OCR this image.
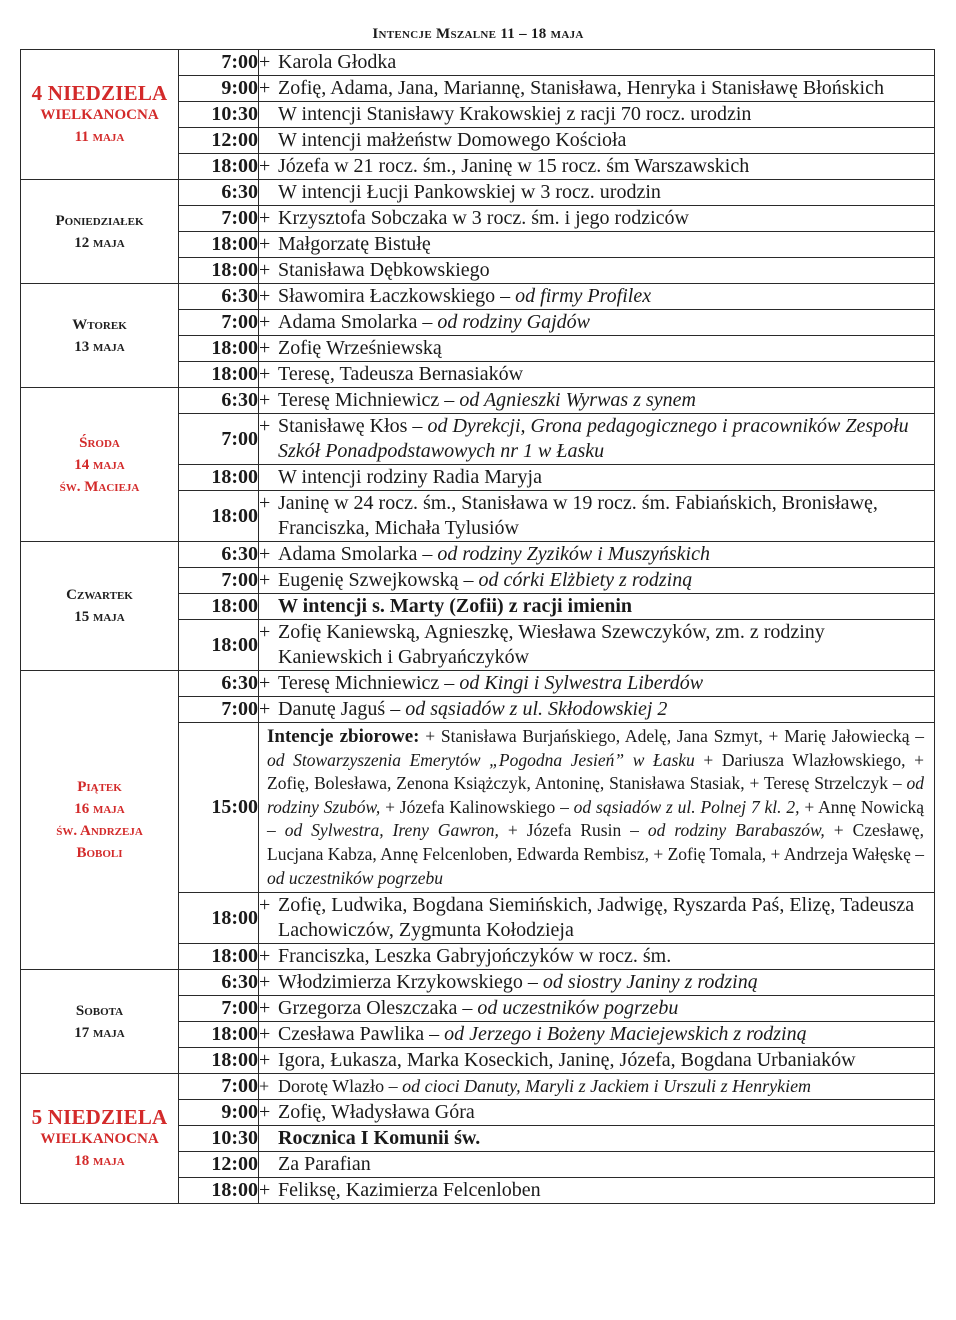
Intencje Mszalne 11 – 18 maja
4 NIEDZIELA
WIELKANOCNA
11 maja	7:00	+ Karola Głodka

	9:00	+ Zofię, Adama, Jana, Mariannę, Stanisława, Henryka i Stanisławę Błońskich

	10:30	W intencji Stanisławy Krakowskiej z racji 70 rocz. urodzin

	12:00	W intencji małżeństw Domowego Kościoła

	18:00	+ Józefa w 21 rocz. śm., Janinę w 15 rocz. śm Warszawskich

Poniedziałek
12 maja	6:30	W intencji Łucji Pankowskiej w 3 rocz. urodzin

	7:00	+ Krzysztofa Sobczaka w 3 rocz. śm. i jego rodziców

	18:00	+ Małgorzatę Bistułę

	18:00	+ Stanisława Dębkowskiego

Wtorek
13 maja	6:30	+ Sławomira Łaczkowskiego – od firmy Profilex

	7:00	+ Adama Smolarka – od rodziny Gajdów

	18:00	+ Zofię Wrześniewską

	18:00	+ Teresę, Tadeusza Bernasiaków

Środa
14 maja
św. Macieja	6:30	+ Teresę Michniewicz – od Agnieszki Wyrwas z synem

	7:00	+ Stanisławę Kłos – od Dyrekcji, Grona pedagogicznego i pracowników Zespołu Szkół Ponadpodstawowych nr 1 w Łasku

	18:00	W intencji rodziny Radia Maryja

	18:00	+ Janinę w 24 rocz. śm., Stanisława w 19 rocz. śm. Fabiańskich, Bronisławę, Franciszka, Michała Tylusiów

Czwartek
15 maja	6:30	+ Adama Smolarka – od rodziny Zyzików i Muszyńskich

	7:00	+ Eugenię Szwejkowską – od córki Elżbiety z rodziną

	18:00	W intencji s. Marty (Zofii) z racji imienin

	18:00	+ Zofię Kaniewską, Agnieszkę, Wiesława Szewczyków, zm. z rodziny Kaniewskich i Gabryańczyków

Piątek
16 maja
św. Andrzeja
Boboli	6:30	+ Teresę Michniewicz – od Kingi i Sylwestra Liberdów

	7:00	+ Danutę Jaguś – od sąsiadów z ul. Skłodowskiej 2

	15:00	Intencje zbiorowe: + Stanisława Burjańskiego, Adelę, Jana Szmyt, + Marię Jałowiecką – od Stowarzyszenia Emerytów „Pogodna Jesień” w Łasku + Dariusza Wlazłowskiego, + Zofię, Bolesława, Zenona Książczyk, Antoninę, Stanisława Stasiak, + Teresę Strzelczyk – od rodziny Szubów, + Józefa Kalinowskiego – od sąsiadów z ul. Polnej 7 kl. 2, + Annę Nowicką – od Sylwestra, Ireny Gawron, + Józefa Rusin – od rodziny Barabaszów, + Czesławę, Lucjana Kabza, Annę Felcenloben, Edwarda Rembisz, + Zofię Tomala, + Andrzeja Wałęskę – od uczestników pogrzebu
	18:00	+ Zofię, Ludwika, Bogdana Siemińskich, Jadwigę, Ryszarda Paś, Elizę, Tadeusza Lachowiczów, Zygmunta Kołodzieja

	18:00	+ Franciszka, Leszka Gabryjończyków w rocz. śm.

Sobota
17 maja	6:30	+ Włodzimierza Krzykowskiego – od siostry Janiny z rodziną

	7:00	+ Grzegorza Oleszczaka – od uczestników pogrzebu

	18:00	+ Czesława Pawlika – od Jerzego i Bożeny Maciejewskich z rodziną

	18:00	+ Igora, Łukasza, Marka Koseckich, Janinę, Józefa, Bogdana Urbaniaków

5 NIEDZIELA
WIELKANOCNA
18 maja	7:00	+ Dorotę Wlazło – od cioci Danuty, Maryli z Jackiem i Urszuli z Henrykiem

	9:00	+ Zofię, Władysława Góra

	10:30	Rocznica I Komunii św.

	12:00	Za Parafian

	18:00	+ Feliksę, Kazimierza Felcenloben
